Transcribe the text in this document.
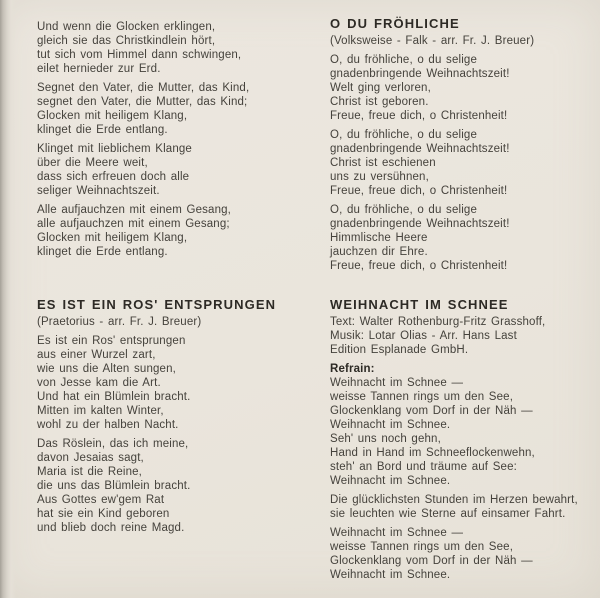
Und wenn die Glocken erklingen,
gleich sie das Christkindlein hört,
tut sich vom Himmel dann schwingen,
eilet hernieder zur Erd.
Segnet den Vater, die Mutter, das Kind,
segnet den Vater, die Mutter, das Kind;
Glocken mit heiligem Klang,
klinget die Erde entlang.
Klinget mit lieblichem Klange
über die Meere weit,
dass sich erfreuen doch alle
seliger Weihnachtszeit.
Alle aufjauchzen mit einem Gesang,
alle aufjauchzen mit einem Gesang;
Glocken mit heiligem Klang,
klinget die Erde entlang.
ES IST EIN ROS' ENTSPRUNGEN
(Praetorius - arr. Fr. J. Breuer)
Es ist ein Ros' entsprungen
aus einer Wurzel zart,
wie uns die Alten sungen,
von Jesse kam die Art.
Und hat ein Blümlein bracht.
Mitten im kalten Winter,
wohl zu der halben Nacht.
Das Röslein, das ich meine,
davon Jesaias sagt,
Maria ist die Reine,
die uns das Blümlein bracht.
Aus Gottes ew'gem Rat
hat sie ein Kind geboren
und blieb doch reine Magd.
O DU FRÖHLICHE
(Volksweise - Falk - arr. Fr. J. Breuer)
O, du fröhliche, o du selige
gnadenbringende Weihnachtszeit!
Welt ging verloren,
Christ ist geboren.
Freue, freue dich, o Christenheit!
O, du fröhliche, o du selige
gnadenbringende Weihnachtszeit!
Christ ist eschienen
uns zu versühnen,
Freue, freue dich, o Christenheit!
O, du fröhliche, o du selige
gnadenbringende Weihnachtszeit!
Himmlische Heere
jauchzen dir Ehre.
Freue, freue dich, o Christenheit!
WEIHNACHT IM SCHNEE
Text: Walter Rothenburg-Fritz Grasshoff,
Musik: Lotar Olias - Arr. Hans Last
Edition Esplanade GmbH.
Refrain:
Weihnacht im Schnee —
weisse Tannen rings um den See,
Glockenklang vom Dorf in der Näh —
Weihnacht im Schnee.
Seh' uns noch gehn,
Hand in Hand im Schneeflockenwehn,
steh' an Bord und träume auf See:
Weihnacht im Schnee.
Die glücklichsten Stunden im Herzen bewahrt,
sie leuchten wie Sterne auf einsamer Fahrt.
Weihnacht im Schnee —
weisse Tannen rings um den See,
Glockenklang vom Dorf in der Näh —
Weihnacht im Schnee.
